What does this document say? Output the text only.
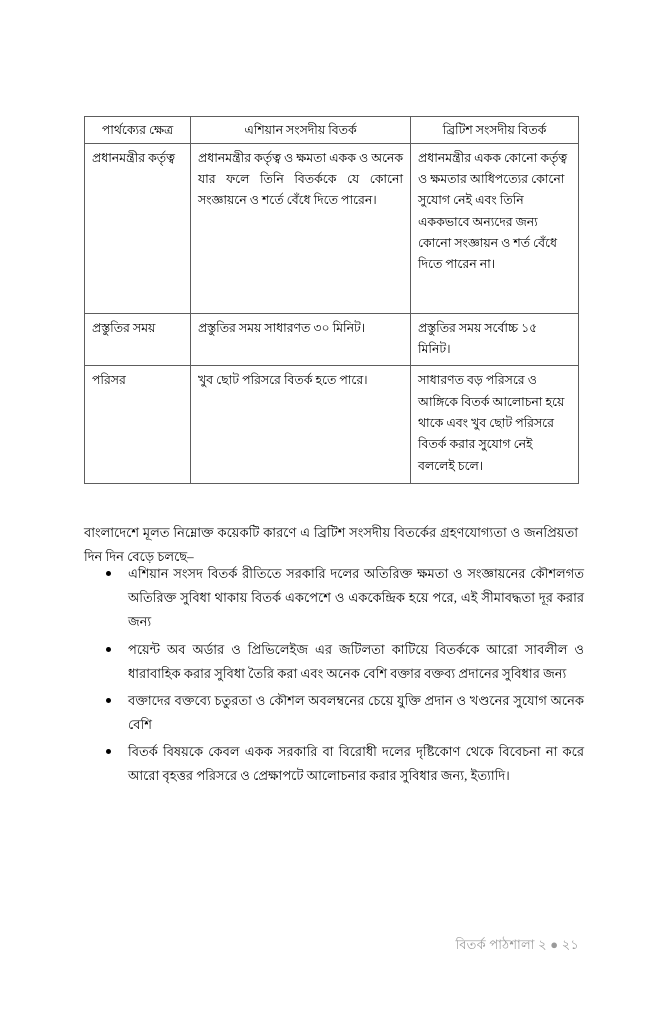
পার্থক্যের ক্ষেত্র	এশিয়ান সংসদীয় বিতর্ক	ব্রিটিশ সংসদীয় বিতর্ক
প্রধানমন্ত্রীর কর্তৃত্ব	প্রধানমন্ত্রীর কর্তৃত্ব ও ক্ষমতা একক ও অনেক যার ফলে তিনি বিতর্ককে যে কোনো সংজ্ঞায়নে ও শর্তে বেঁধে দিতে পারেন।	প্রধানমন্ত্রীর একক কোনো কর্তৃত্ব ও ক্ষমতার আধিপত্যের কোনো সুযোগ নেই এবং তিনি এককভাবে অন্যদের জন্য কোনো সংজ্ঞায়ন ও শর্ত বেঁধে দিতে পারেন না।
প্রস্তুতির সময়	প্রস্তুতির সময় সাধারণত ৩০ মিনিট।	প্রস্তুতির সময় সর্বোচ্চ ১৫ মিনিট।
পরিসর	খুব ছোট পরিসরে বিতর্ক হতে পারে।	সাধারণত বড় পরিসরে ও আঙ্গিকে বিতর্ক আলোচনা হয়ে থাকে এবং খুব ছোট পরিসরে বিতর্ক করার সুযোগ নেই বললেই চলে।

বাংলাদেশে মূলত নিম্নোক্ত কয়েকটি কারণে এ ব্রিটিশ সংসদীয় বিতর্কের গ্রহণযোগ্যতা ও জনপ্রিয়তা দিন দিন বেড়ে চলছে–

এশিয়ান সংসদ বিতর্ক রীতিতে সরকারি দলের অতিরিক্ত ক্ষমতা ও সংজ্ঞায়নের কৌশলগত অতিরিক্ত সুবিধা থাকায় বিতর্ক একপেশে ও এককেন্দ্রিক হয়ে পরে, এই সীমাবদ্ধতা দূর করার জন্য
পয়েন্ট অব অর্ডার ও প্রিভিলেইজ এর জটিলতা কাটিয়ে বিতর্ককে আরো সাবলীল ও ধারাবাহিক করার সুবিধা তৈরি করা এবং অনেক বেশি বক্তার বক্তব্য প্রদানের সুবিধার জন্য
বক্তাদের বক্তব্যে চতুরতা ও কৌশল অবলম্বনের চেয়ে যুক্তি প্রদান ও খণ্ডনের সুযোগ অনেক বেশি
বিতর্ক বিষয়কে কেবল একক সরকারি বা বিরোধী দলের দৃষ্টিকোণ থেকে বিবেচনা না করে আরো বৃহত্তর পরিসরে ও প্রেক্ষাপটে আলোচনার করার সুবিধার জন্য, ইত্যাদি।
বিতর্ক পাঠশালা ২ ● ২১
